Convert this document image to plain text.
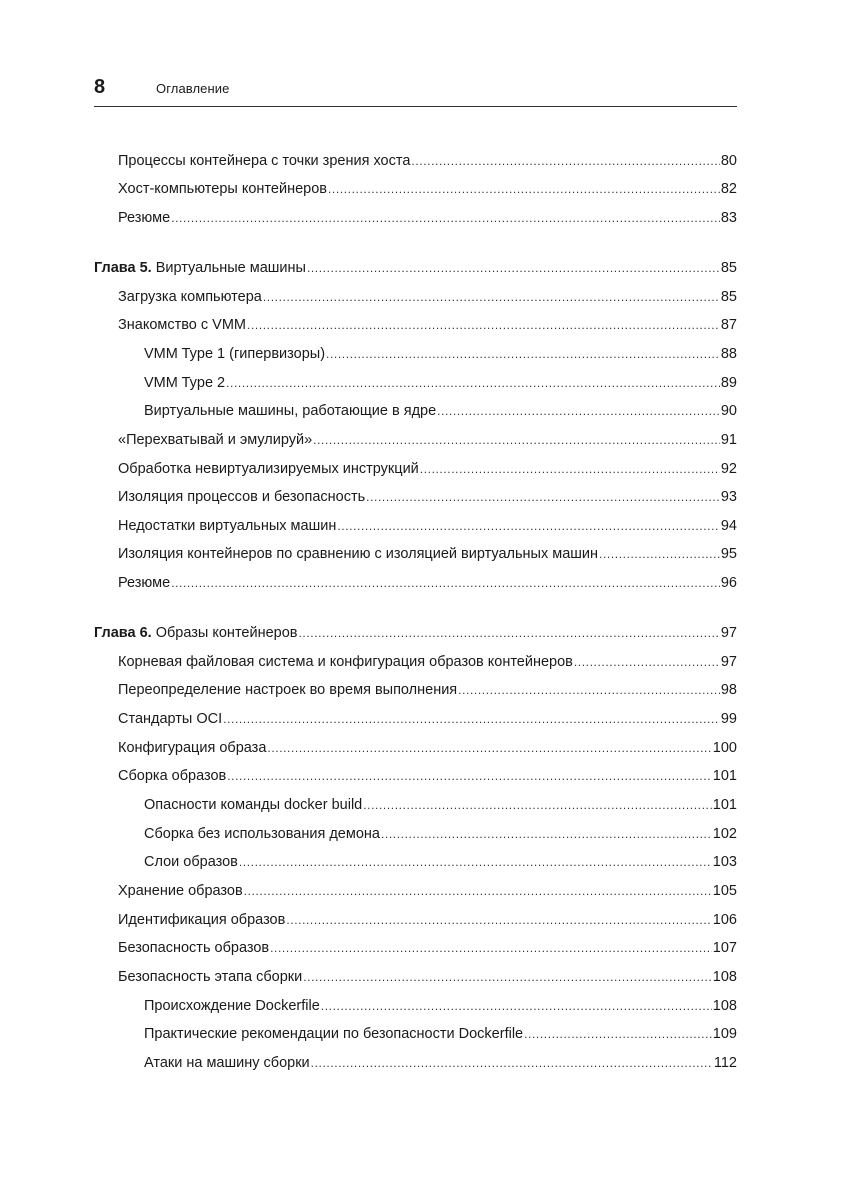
8	Оглавление
Процессы контейнера с точки зрения хоста .....	80
Хост-компьютеры контейнеров .....	82
Резюме .....	83
Глава 5. Виртуальные машины .....	85
Загрузка компьютера .....	85
Знакомство с VMM .....	87
VMM Type 1 (гипервизоры) .....	88
VMM Type 2 .....	89
Виртуальные машины, работающие в ядре .....	90
«Перехватывай и эмулируй» .....	91
Обработка невиртуализируемых инструкций .....	92
Изоляция процессов и безопасность .....	93
Недостатки виртуальных машин .....	94
Изоляция контейнеров по сравнению с изоляцией виртуальных машин .....	95
Резюме .....	96
Глава 6. Образы контейнеров .....	97
Корневая файловая система и конфигурация образов контейнеров .....	97
Переопределение настроек во время выполнения .....	98
Стандарты OCI .....	99
Конфигурация образа .....	100
Сборка образов .....	101
Опасности команды docker build .....	101
Сборка без использования демона .....	102
Слои образов .....	103
Хранение образов .....	105
Идентификация образов .....	106
Безопасность образов .....	107
Безопасность этапа сборки .....	108
Происхождение Dockerfile .....	108
Практические рекомендации по безопасности Dockerfile .....	109
Атаки на машину сборки .....	112
